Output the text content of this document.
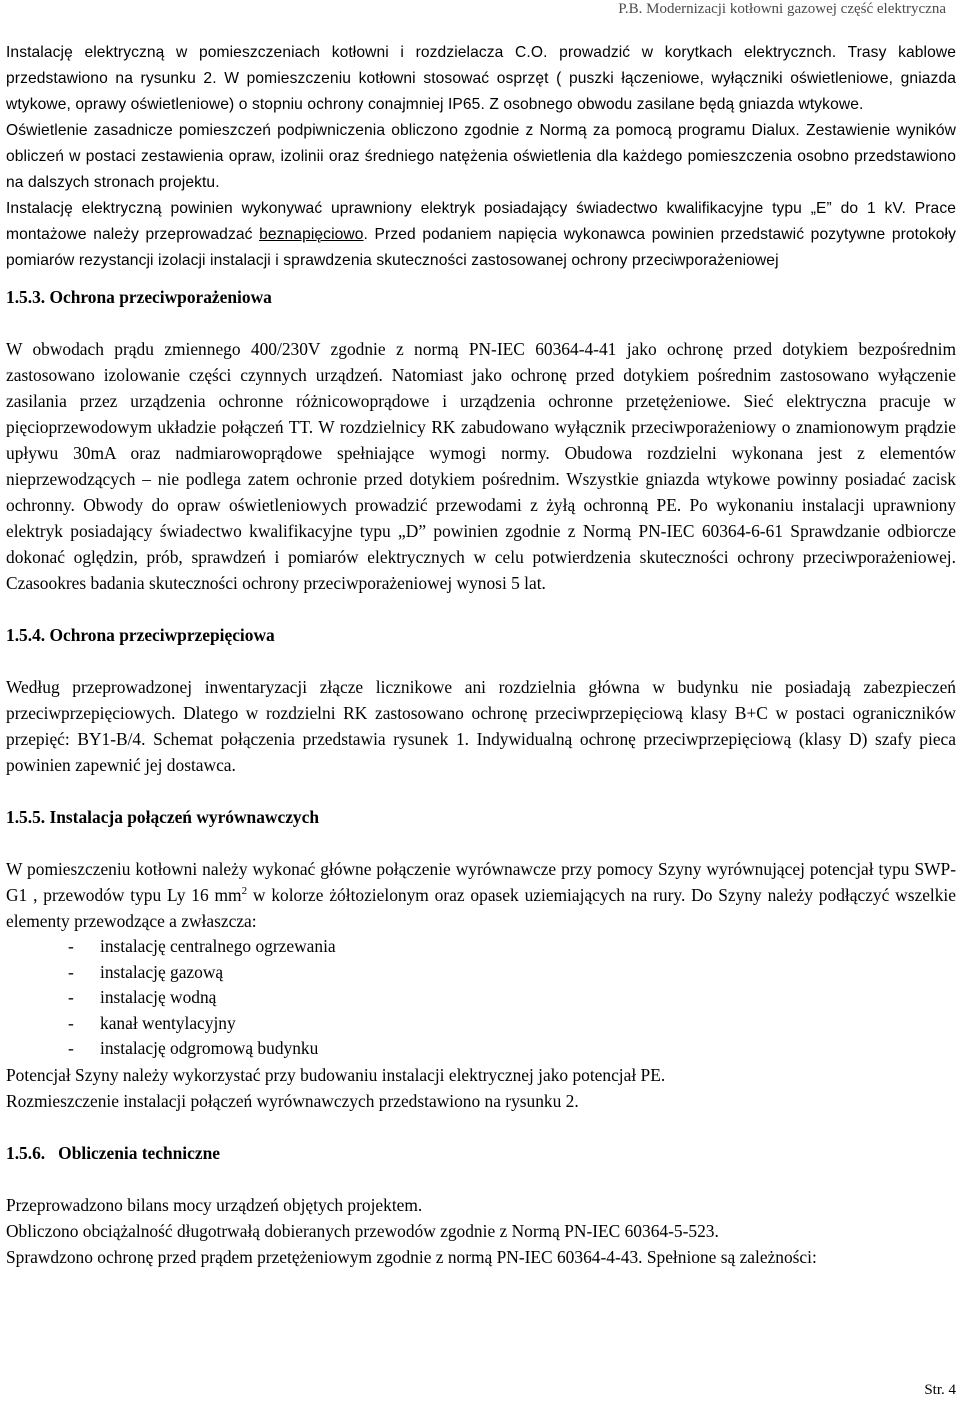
P.B. Modernizacji kotłowni gazowej część elektryczna

Instalację elektryczną w pomieszczeniach kotłowni i rozdzielacza C.O. prowadzić w korytkach elektrycznch. Trasy kablowe przedstawiono na rysunku 2. W pomieszczeniu kotłowni stosować osprzęt ( puszki łączeniowe, wyłączniki oświetleniowe, gniazda wtykowe, oprawy oświetleniowe) o stopniu ochrony conajmniej IP65. Z osobnego obwodu zasilane będą gniazda wtykowe.

Oświetlenie zasadnicze pomieszczeń podpiwniczenia obliczono zgodnie z Normą za pomocą programu Dialux. Zestawienie wyników obliczeń w postaci zestawienia opraw, izolinii oraz średniego natężenia oświetlenia dla każdego pomieszczenia osobno przedstawiono na dalszych stronach projektu.

Instalację elektryczną powinien wykonywać uprawniony elektryk posiadający świadectwo kwalifikacyjne typu „E” do 1 kV. Prace montażowe należy przeprowadzać beznapięciowo. Przed podaniem napięcia wykonawca powinien przedstawić pozytywne protokoły pomiarów rezystancji izolacji instalacji i sprawdzenia skuteczności zastosowanej ochrony przeciwporażeniowej

1.5.3. Ochrona przeciwporażeniowa

W obwodach prądu zmiennego 400/230V zgodnie z normą PN-IEC 60364-4-41 jako ochronę przed dotykiem bezpośrednim zastosowano izolowanie części czynnych urządzeń. Natomiast jako ochronę przed dotykiem pośrednim zastosowano wyłączenie zasilania przez urządzenia ochronne różnicowoprądowe i urządzenia ochronne przetężeniowe. Sieć elektryczna pracuje w pięcioprzewodowym układzie połączeń TT. W rozdzielnicy RK zabudowano wyłącznik przeciwporażeniowy o znamionowym prądzie upływu 30mA oraz nadmiarowoprądowe spełniające wymogi normy. Obudowa rozdzielni wykonana jest z elementów nieprzewodzących – nie podlega zatem ochronie przed dotykiem pośrednim. Wszystkie gniazda wtykowe powinny posiadać zacisk ochronny. Obwody do opraw oświetleniowych prowadzić przewodami z żyłą ochronną PE. Po wykonaniu instalacji uprawniony elektryk posiadający świadectwo kwalifikacyjne typu „D” powinien zgodnie z Normą PN-IEC 60364-6-61 Sprawdzanie odbiorcze dokonać oględzin, prób, sprawdzeń i pomiarów elektrycznych w celu potwierdzenia skuteczności ochrony przeciwporażeniowej. Czasookres badania skuteczności ochrony przeciwporażeniowej wynosi 5 lat.

1.5.4. Ochrona przeciwprzepięciowa

Według przeprowadzonej inwentaryzacji złącze licznikowe ani rozdzielnia główna w budynku nie posiadają zabezpieczeń przeciwprzepięciowych. Dlatego w rozdzielni RK zastosowano ochronę przeciwprzepięciową klasy B+C w postaci ograniczników przepięć: BY1-B/4. Schemat połączenia przedstawia rysunek 1. Indywidualną ochronę przeciwprzepięciową (klasy D) szafy pieca powinien zapewnić jej dostawca.

1.5.5. Instalacja połączeń wyrównawczych

W pomieszczeniu kotłowni należy wykonać główne połączenie wyrównawcze przy pomocy Szyny wyrównującej potencjał typu SWP-G1 , przewodów typu Ly 16 $mm^2$ w kolorze żółtozielonym oraz opasek uziemiających na rury. Do Szyny należy podłączyć wszelkie elementy przewodzące a zwłaszcza:

- instalację centralnego ogrzewania
- instalację gazową
- instalację wodną
- kanał wentylacyjny
- instalację odgromową budynku

Potencjał Szyny należy wykorzystać przy budowaniu instalacji elektrycznej jako potencjał PE.

Rozmieszczenie instalacji połączeń wyrównawczych przedstawiono na rysunku 2.

1.5.6.   Obliczenia techniczne

Przeprowadzono bilans mocy urządzeń objętych projektem.

Obliczono obciążalność długotrwałą dobieranych przewodów zgodnie z Normą PN-IEC 60364-5-523.

Sprawdzono ochronę przed prądem przetężeniowym zgodnie z normą PN-IEC 60364-4-43. Spełnione są zależności:

Str. 4
